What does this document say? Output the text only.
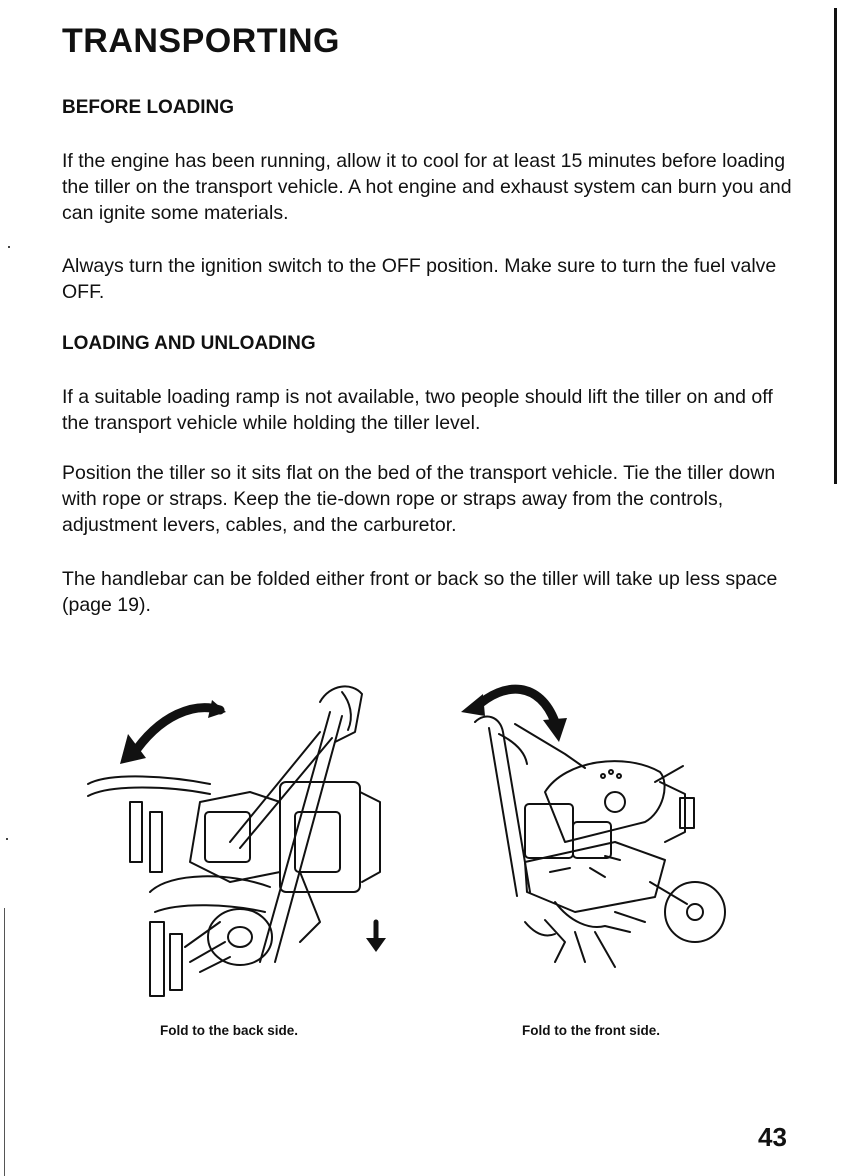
TRANSPORTING
BEFORE LOADING

If the engine has been running, allow it to cool for at least 15 minutes before loading the tiller on the transport vehicle. A hot engine and exhaust system can burn you and can ignite some materials.

Always turn the ignition switch to the OFF position. Make sure to turn the fuel valve OFF.

LOADING AND UNLOADING

If a suitable loading ramp is not available, two people should lift the tiller on and off the transport vehicle while holding the tiller level.

Position the tiller so it sits flat on the bed of the transport vehicle. Tie the tiller down with rope or straps. Keep the tie-down rope or straps away from the controls, adjustment levers, cables, and the carburetor.

The handlebar can be folded either front or back so the tiller will take up less space (page 19).

Fold to the back side.	Fold to the front side.

43
